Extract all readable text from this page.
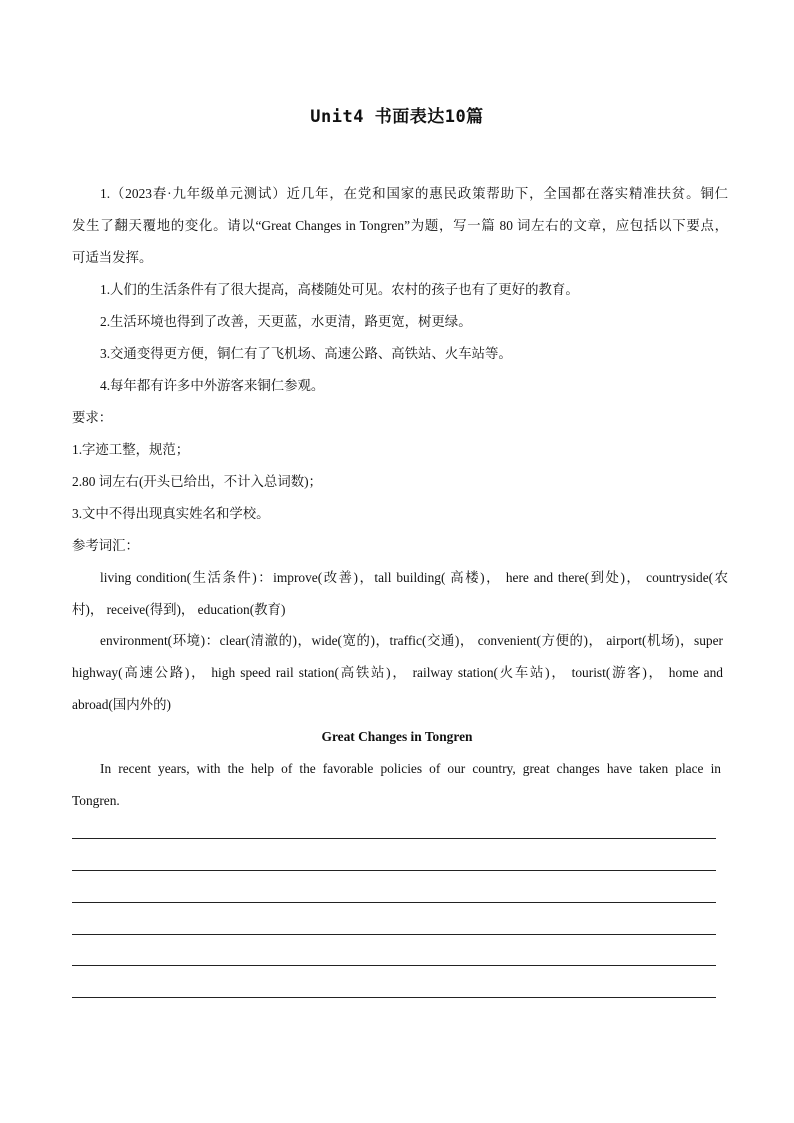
Unit4 书面表达10篇
1.（2023春·九年级单元测试）近几年，在党和国家的惠民政策帮助下，全国都在落实精准扶贫。铜仁
发生了翻天覆地的变化。请以“Great Changes in Tongren”为题，写一篇 80 词左右的文章，应包括以下要点，
可适当发挥。
1.人们的生活条件有了很大提高，高楼随处可见。农村的孩子也有了更好的教育。
2.生活环境也得到了改善，天更蓝，水更清，路更宽，树更绿。
3.交通变得更方便，铜仁有了飞机场、高速公路、高铁站、火车站等。
4.每年都有许多中外游客来铜仁参观。
要求：
1.字迹工整，规范；
2.80 词左右(开头已给出，不计入总词数)；
3.文中不得出现真实姓名和学校。
参考词汇：
living condition(生活条件)：improve(改善)，tall building( 高楼)， here and there(到处)， countryside(农
村)， receive(得到)， education(教育)
environment(环境)：clear(清澈的)，wide(宽的)，traffic(交通)， convenient(方便的)， airport(机场)，super
highway(高速公路)， high speed rail station(高铁站)， railway station(火车站)， tourist(游客)， home and
abroad(国内外的)
Great Changes in Tongren
In recent years, with the help of the favorable policies of our country, great changes have taken place in
Tongren.
